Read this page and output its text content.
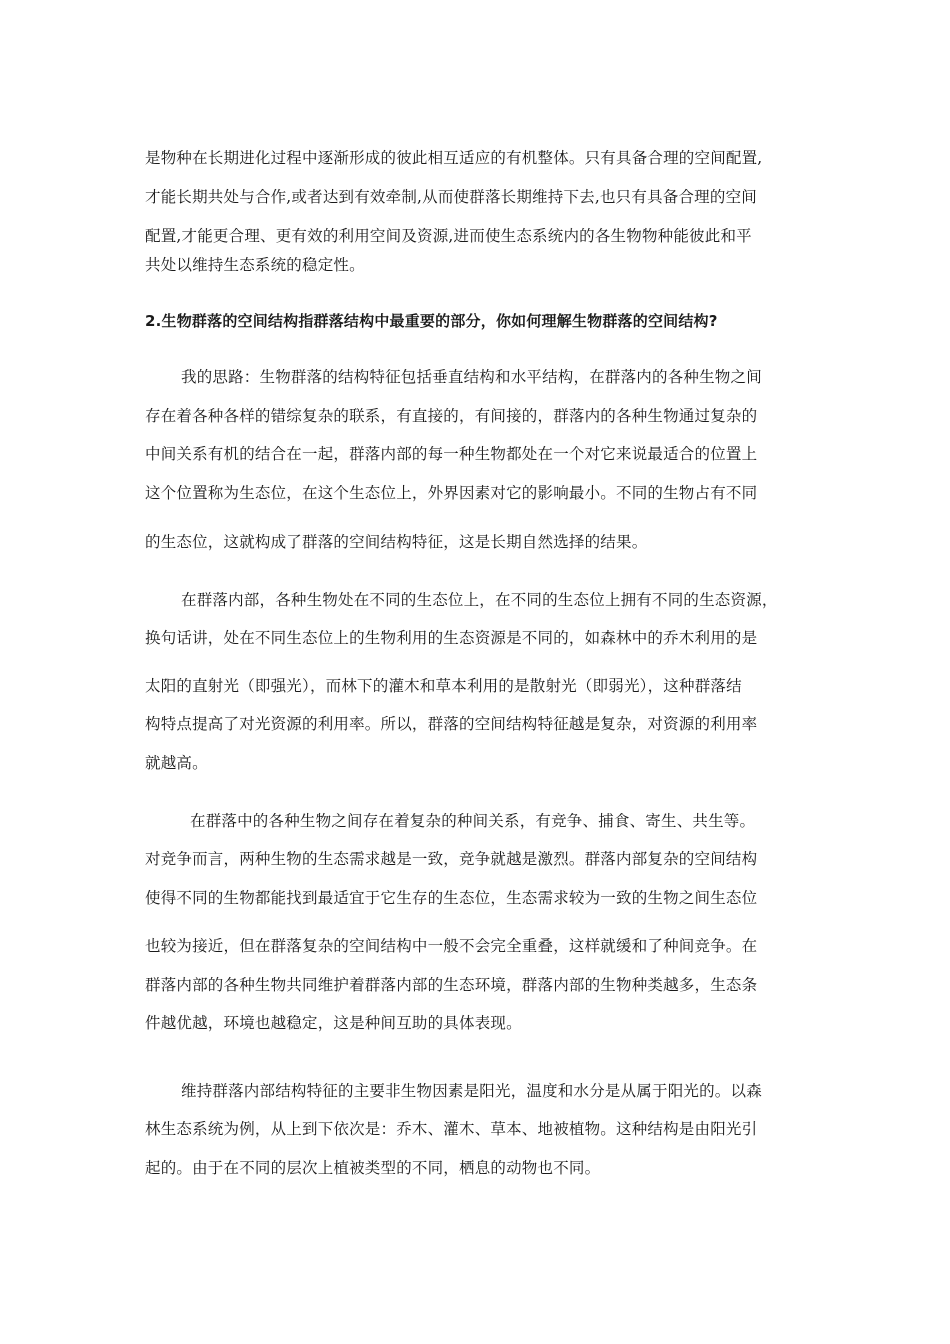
是物种在长期进化过程中逐渐形成的彼此相互适应的有机整体。只有具备合理的空间配置,
才能长期共处与合作,或者达到有效牵制,从而使群落长期维持下去,也只有具备合理的空间
配置,才能更合理、更有效的利用空间及资源,进而使生态系统内的各生物物种能彼此和平
共处以维持生态系统的稳定性。
2.生物群落的空间结构指群落结构中最重要的部分，你如何理解生物群落的空间结构?
我的思路：生物群落的结构特征包括垂直结构和水平结构，在群落内的各种生物之间
存在着各种各样的错综复杂的联系，有直接的，有间接的，群落内的各种生物通过复杂的
中间关系有机的结合在一起，群落内部的每一种生物都处在一个对它来说最适合的位置上
这个位置称为生态位，在这个生态位上，外界因素对它的影响最小。不同的生物占有不同
的生态位，这就构成了群落的空间结构特征，这是长期自然选择的结果。
在群落内部，各种生物处在不同的生态位上，在不同的生态位上拥有不同的生态资源，
换句话讲，处在不同生态位上的生物利用的生态资源是不同的，如森林中的乔木利用的是
太阳的直射光（即强光），而林下的灌木和草本利用的是散射光（即弱光），这种群落结
构特点提高了对光资源的利用率。所以，群落的空间结构特征越是复杂，对资源的利用率
就越高。
在群落中的各种生物之间存在着复杂的种间关系，有竞争、捕食、寄生、共生等。
对竞争而言，两种生物的生态需求越是一致，竞争就越是激烈。群落内部复杂的空间结构
使得不同的生物都能找到最适宜于它生存的生态位，生态需求较为一致的生物之间生态位
也较为接近，但在群落复杂的空间结构中一般不会完全重叠，这样就缓和了种间竞争。在
群落内部的各种生物共同维护着群落内部的生态环境，群落内部的生物种类越多，生态条
件越优越，环境也越稳定，这是种间互助的具体表现。
维持群落内部结构特征的主要非生物因素是阳光，温度和水分是从属于阳光的。以森
林生态系统为例，从上到下依次是：乔木、灌木、草本、地被植物。这种结构是由阳光引
起的。由于在不同的层次上植被类型的不同，栖息的动物也不同。
